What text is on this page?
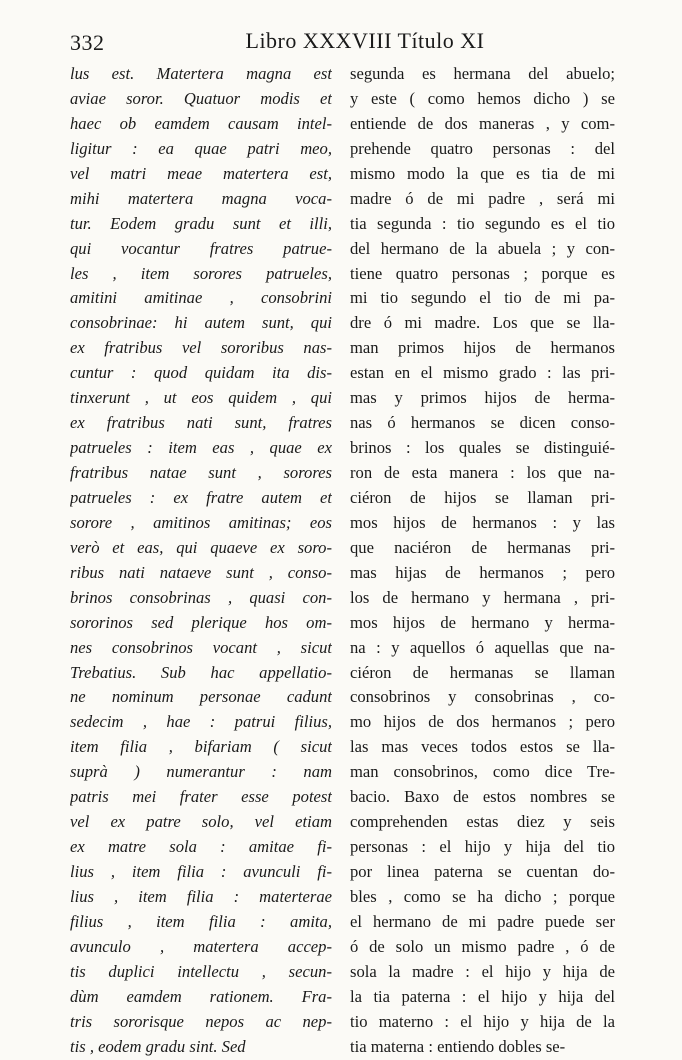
332	Libro XXXVIII Título XI
lus est. Matertera magna est
aviae soror. Quatuor modis et
haec ob eamdem causam intel-
ligitur : ea quae patri meo,
vel matri meae matertera est,
mihi matertera magna voca-
tur. Eodem gradu sunt et illi,
qui vocantur fratres patrue-
les , item sorores patrueles,
amitini amitinae , consobrini
consobrinae: hi autem sunt, qui
ex fratribus vel sororibus nas-
cuntur : quod quidam ita dis-
tinxerunt , ut eos quidem , qui
ex fratribus nati sunt, fratres
patrueles : item eas , quae ex
fratribus natae sunt , sorores
patrueles : ex fratre autem et
sorore , amitinos amitinas; eos
verò et eas, qui quaeve ex soro-
ribus nati nataeve sunt , conso-
brinos consobrinas , quasi con-
sororinos sed plerique hos om-
nes consobrinos vocant , sicut
Trebatius. Sub hac appellatio-
ne nominum personae cadunt
sedecim , hae : patrui filius,
item filia , bifariam ( sicut
suprà ) numerantur : nam
patris mei frater esse potest
vel ex patre solo, vel etiam
ex matre sola : amitae fi-
lius , item filia : avunculi fi-
lius , item filia : materterae
filius , item filia : amita,
avunculo , matertera accep-
tis duplici intellectu , secun-
dùm eamdem rationem. Fra-
tris sororisque nepos ac nep-
tis , eodem gradu sint. Sed
segunda es hermana del abuelo;
y este ( como hemos dicho ) se
entiende de dos maneras , y com-
prehende quatro personas : del
mismo modo la que es tia de mi
madre ó de mi padre , será mi
tia segunda : tio segundo es el tio
del hermano de la abuela ; y con-
tiene quatro personas ; porque es
mi tio segundo el tio de mi pa-
dre ó mi madre. Los que se lla-
man primos hijos de hermanos
estan en el mismo grado : las pri-
mas y primos hijos de herma-
nas ó hermanos se dicen conso-
brinos : los quales se distinguié-
ron de esta manera : los que na-
ciéron de hijos se llaman pri-
mos hijos de hermanos : y las
que naciéron de hermanas pri-
mas hijas de hermanos ; pero
los de hermano y hermana , pri-
mos hijos de hermano y herma-
na : y aquellos ó aquellas que na-
ciéron de hermanas se llaman
consobrinos y consobrinas , co-
mo hijos de dos hermanos ; pero
las mas veces todos estos se lla-
man consobrinos, como dice Tre-
bacio. Baxo de estos nombres se
comprehenden estas diez y seis
personas : el hijo y hija del tio
por linea paterna se cuentan do-
bles , como se ha dicho ; porque
el hermano de mi padre puede ser
ó de solo un mismo padre , ó de
sola la madre : el hijo y hija de
la tia paterna : el hijo y hija del
tio materno : el hijo y hija de la
tia materna : entiendo dobles se-
